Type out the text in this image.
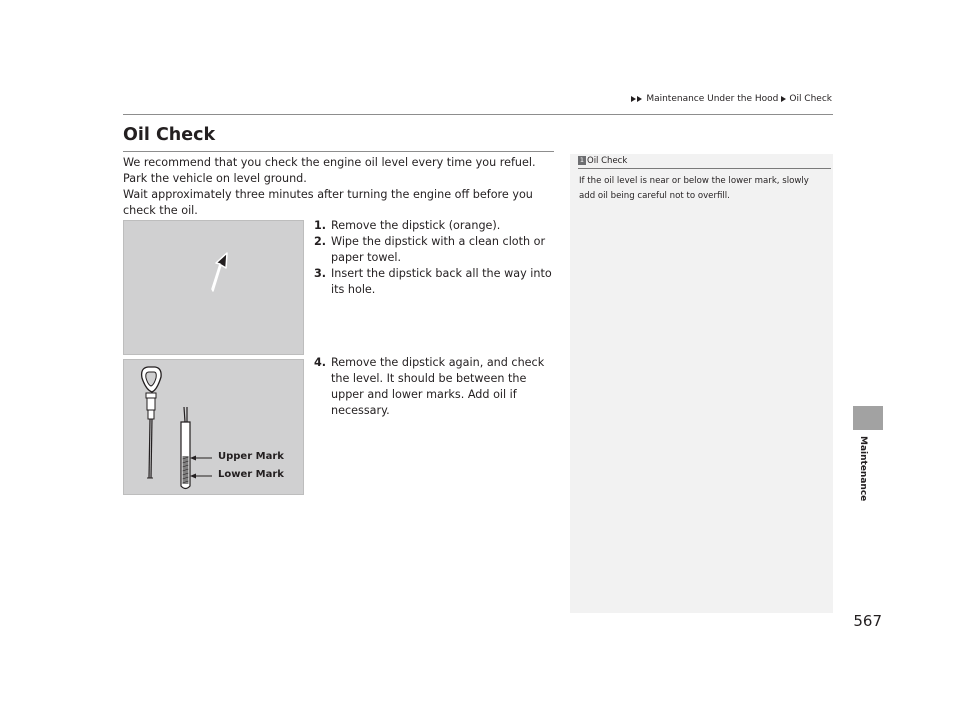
Maintenance Under the Hood Oil Check
Oil Check

We recommend that you check the engine oil level every time you refuel.

Park the vehicle on level ground.

Wait approximately three minutes after turning the engine off before you check the oil.

1. Remove the dipstick (orange).
2. Wipe the dipstick with a clean cloth or paper towel.
3. Insert the dipstick back all the way into its hole.
Upper Mark
Lower Mark
4. Remove the dipstick again, and check the level. It should be between the upper and lower marks. Add oil if necessary.
1 Oil Check
If the oil level is near or below the lower mark, slowly add oil being careful not to overfill.
Maintenance
567
